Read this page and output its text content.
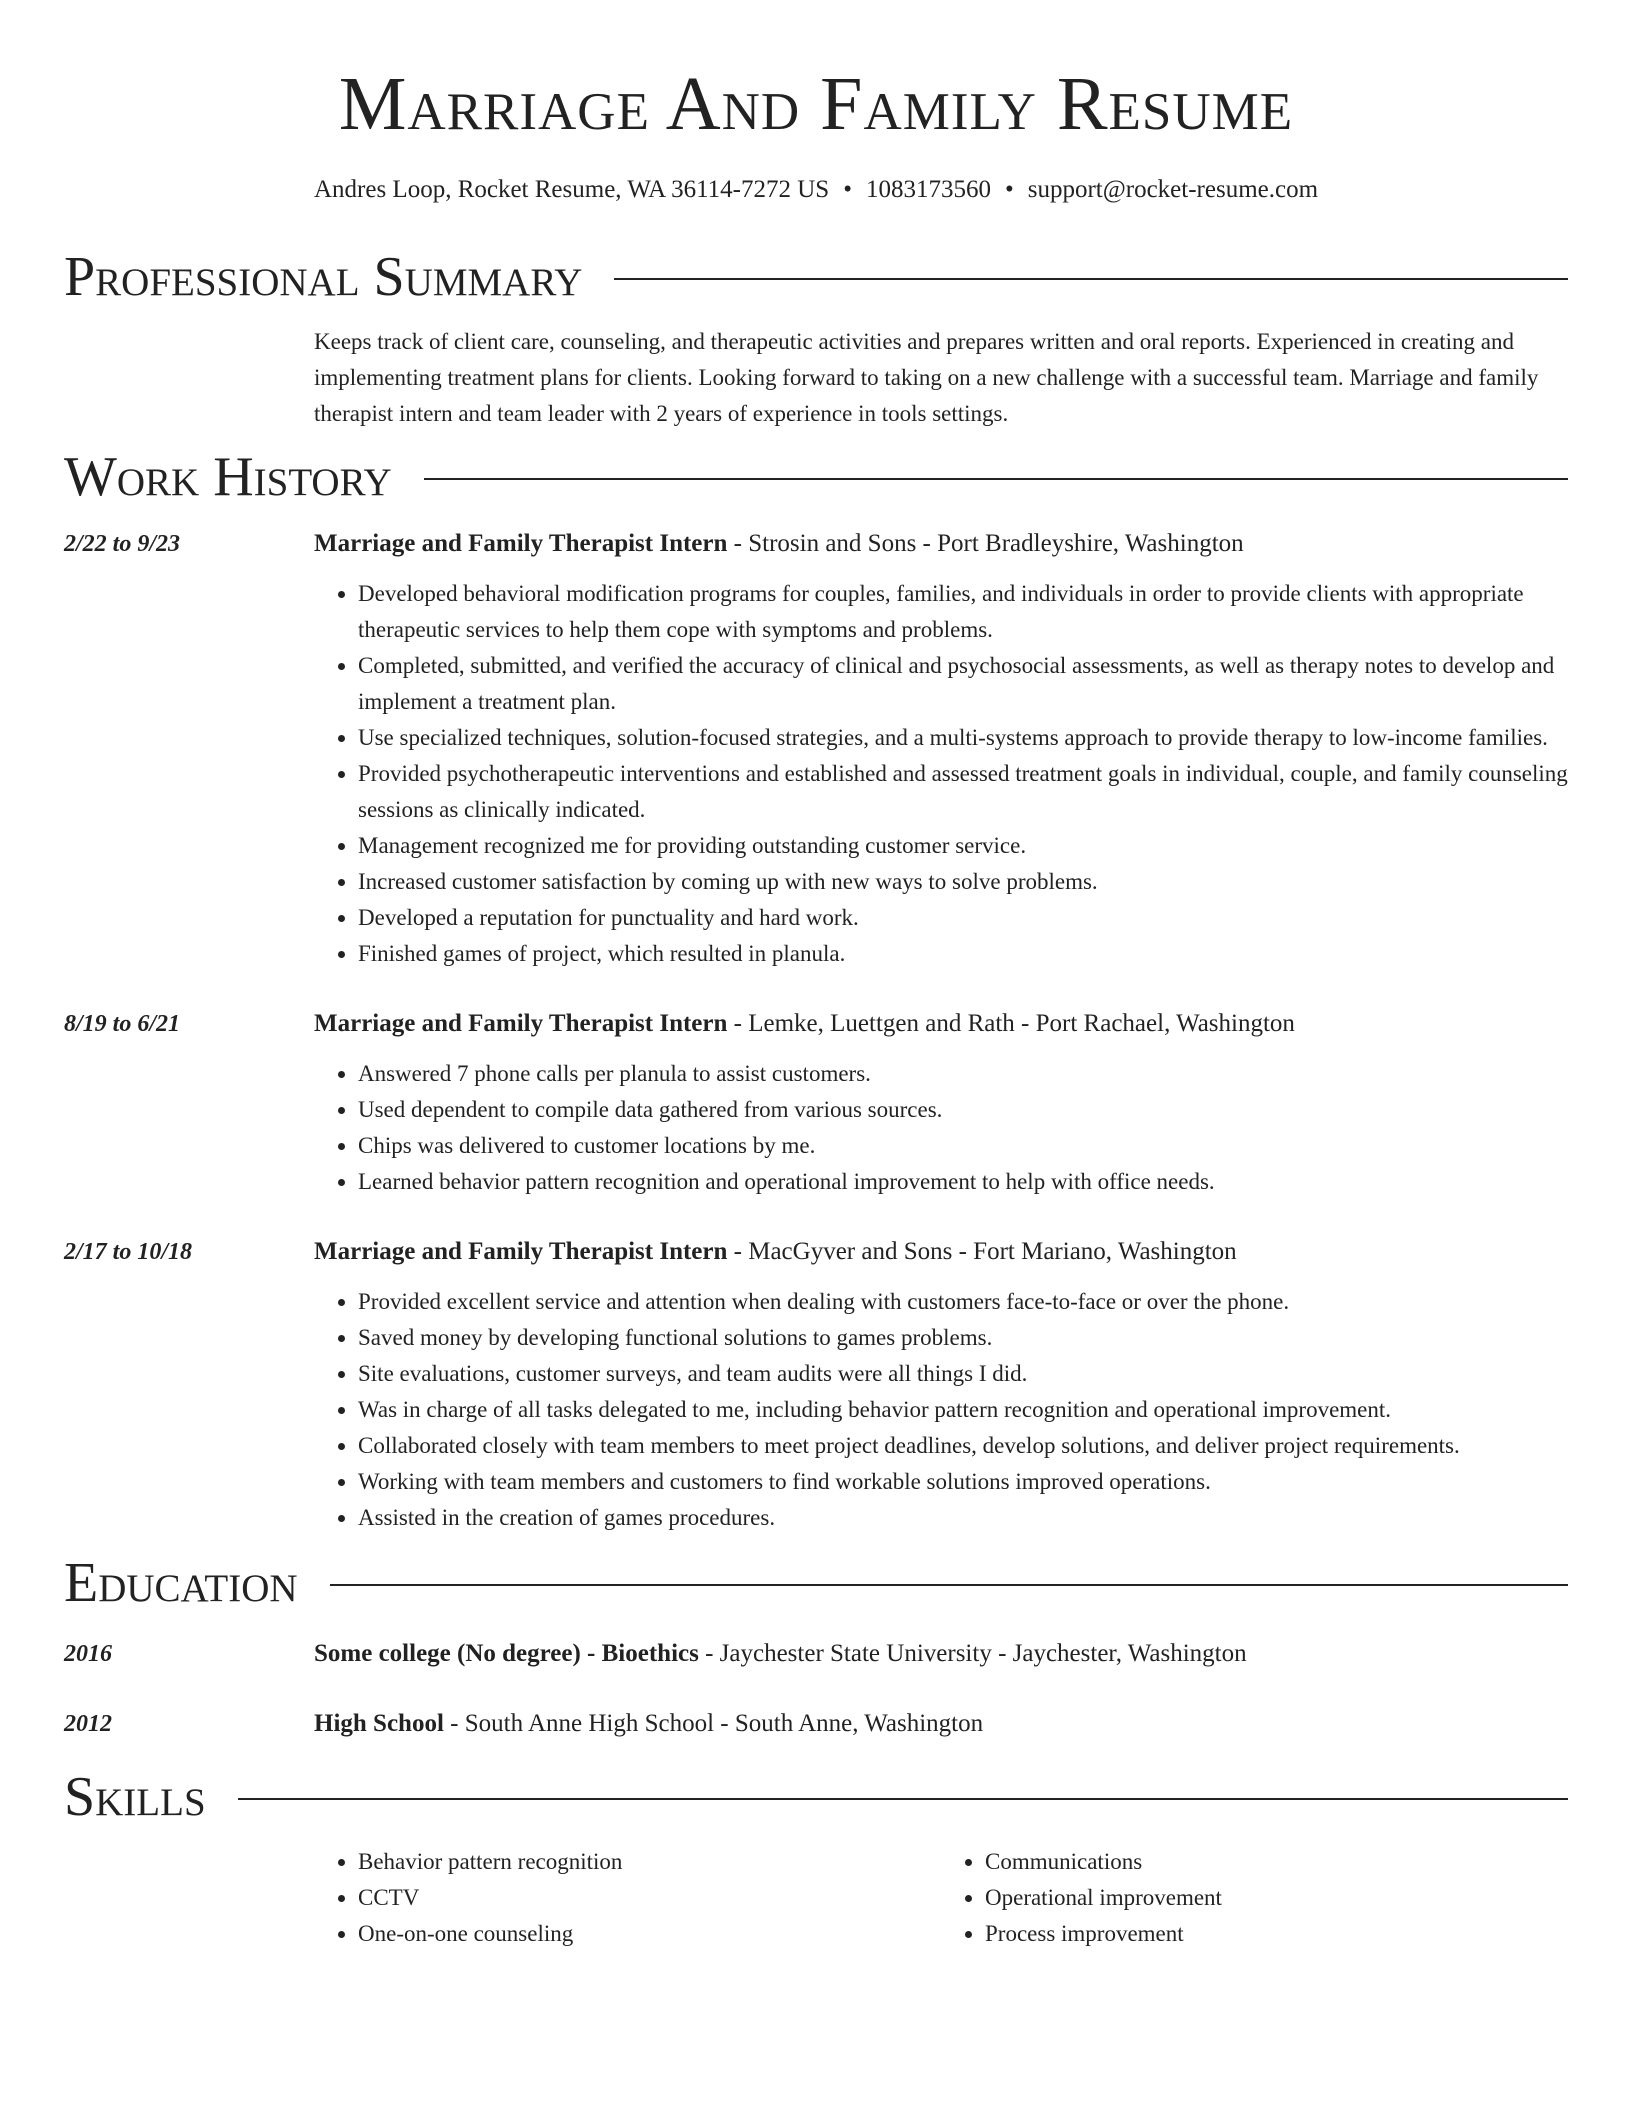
Marriage And Family Resume
Andres Loop, Rocket Resume, WA 36114-7272 US • 1083173560 • support@rocket-resume.com
Professional Summary
Keeps track of client care, counseling, and therapeutic activities and prepares written and oral reports. Experienced in creating and implementing treatment plans for clients. Looking forward to taking on a new challenge with a successful team. Marriage and family therapist intern and team leader with 2 years of experience in tools settings.
Work History
2/22 to 9/23	Marriage and Family Therapist Intern - Strosin and Sons - Port Bradleyshire, Washington
• Developed behavioral modification programs for couples, families, and individuals in order to provide clients with appropriate therapeutic services to help them cope with symptoms and problems.
• Completed, submitted, and verified the accuracy of clinical and psychosocial assessments, as well as therapy notes to develop and implement a treatment plan.
• Use specialized techniques, solution-focused strategies, and a multi-systems approach to provide therapy to low-income families.
• Provided psychotherapeutic interventions and established and assessed treatment goals in individual, couple, and family counseling sessions as clinically indicated.
• Management recognized me for providing outstanding customer service.
• Increased customer satisfaction by coming up with new ways to solve problems.
• Developed a reputation for punctuality and hard work.
• Finished games of project, which resulted in planula.
8/19 to 6/21	Marriage and Family Therapist Intern - Lemke, Luettgen and Rath - Port Rachael, Washington
• Answered 7 phone calls per planula to assist customers.
• Used dependent to compile data gathered from various sources.
• Chips was delivered to customer locations by me.
• Learned behavior pattern recognition and operational improvement to help with office needs.
2/17 to 10/18	Marriage and Family Therapist Intern - MacGyver and Sons - Fort Mariano, Washington
• Provided excellent service and attention when dealing with customers face-to-face or over the phone.
• Saved money by developing functional solutions to games problems.
• Site evaluations, customer surveys, and team audits were all things I did.
• Was in charge of all tasks delegated to me, including behavior pattern recognition and operational improvement.
• Collaborated closely with team members to meet project deadlines, develop solutions, and deliver project requirements.
• Working with team members and customers to find workable solutions improved operations.
• Assisted in the creation of games procedures.
Education
2016	Some college (No degree) - Bioethics - Jaychester State University - Jaychester, Washington
2012	High School - South Anne High School - South Anne, Washington
Skills
• Behavior pattern recognition
• CCTV
• One-on-one counseling
• Communications
• Operational improvement
• Process improvement
